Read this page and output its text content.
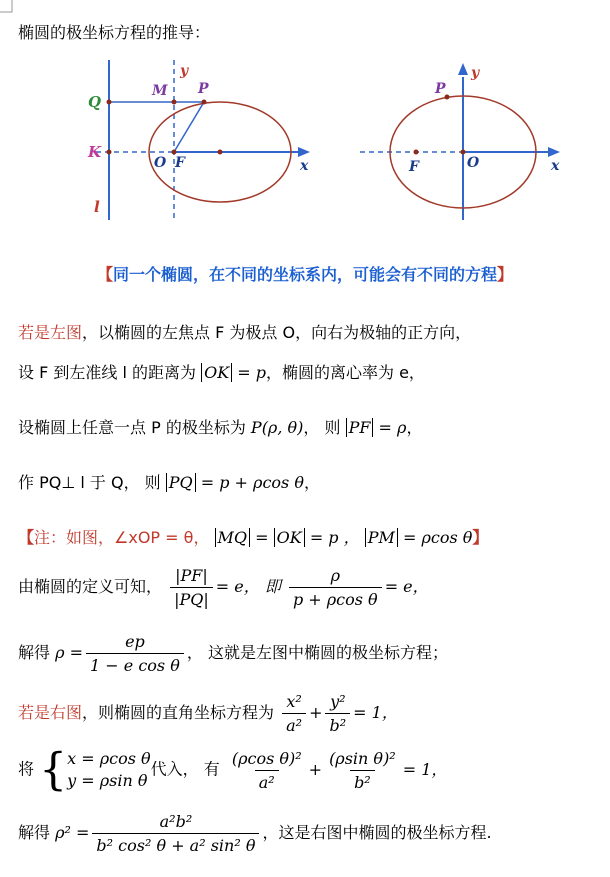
椭圆的极坐标方程的推导：
Q
M
y
P
K
O F	x
l
y
P
F	O	x
【同一个椭圆，在不同的坐标系内，可能会有不同的方程】
若是左图，以椭圆的左焦点 F 为极点 O，向右为极轴的正方向，
设 F 到左准线 l 的距离为 OK = p，椭圆的离心率为 e，
设椭圆上任意一点 P 的极坐标为 P(ρ, θ)， 则 PF = ρ，
作 PQ⊥ l 于 Q， 则 PQ = p + ρcos θ，
【注：如图，∠xOP = θ， MQ = OK = p ， PM = ρcos θ】
由椭圆的定义可知， $\frac{|PF|}{|PQ|} = e$， 即 $\frac{\rho}{\text{p + ρcos θ}} = e$，
解得 $\rho = \frac{ep}{\text{1 − e cos θ}}$ ， 这就是左图中椭圆的极坐标方程；
若是右图，则椭圆的直角坐标方程为 $\frac{\text{x²}}{\text{a²}} + \frac{\text{y²}}{\text{b²}} = 1$，
将 { x = ρcos θ
y = ρsin θ
代入， 有 $\frac{\text{(ρcos θ)²}}{\text{a²}} + \frac{\text{(ρsin θ)²}}{\text{b²}} = 1$，
解得 $\rho^2 = \frac{\text{a²b²}}{\text{b² cos² θ + a² sin² θ}}$ ，这是右图中椭圆的极坐标方程.
